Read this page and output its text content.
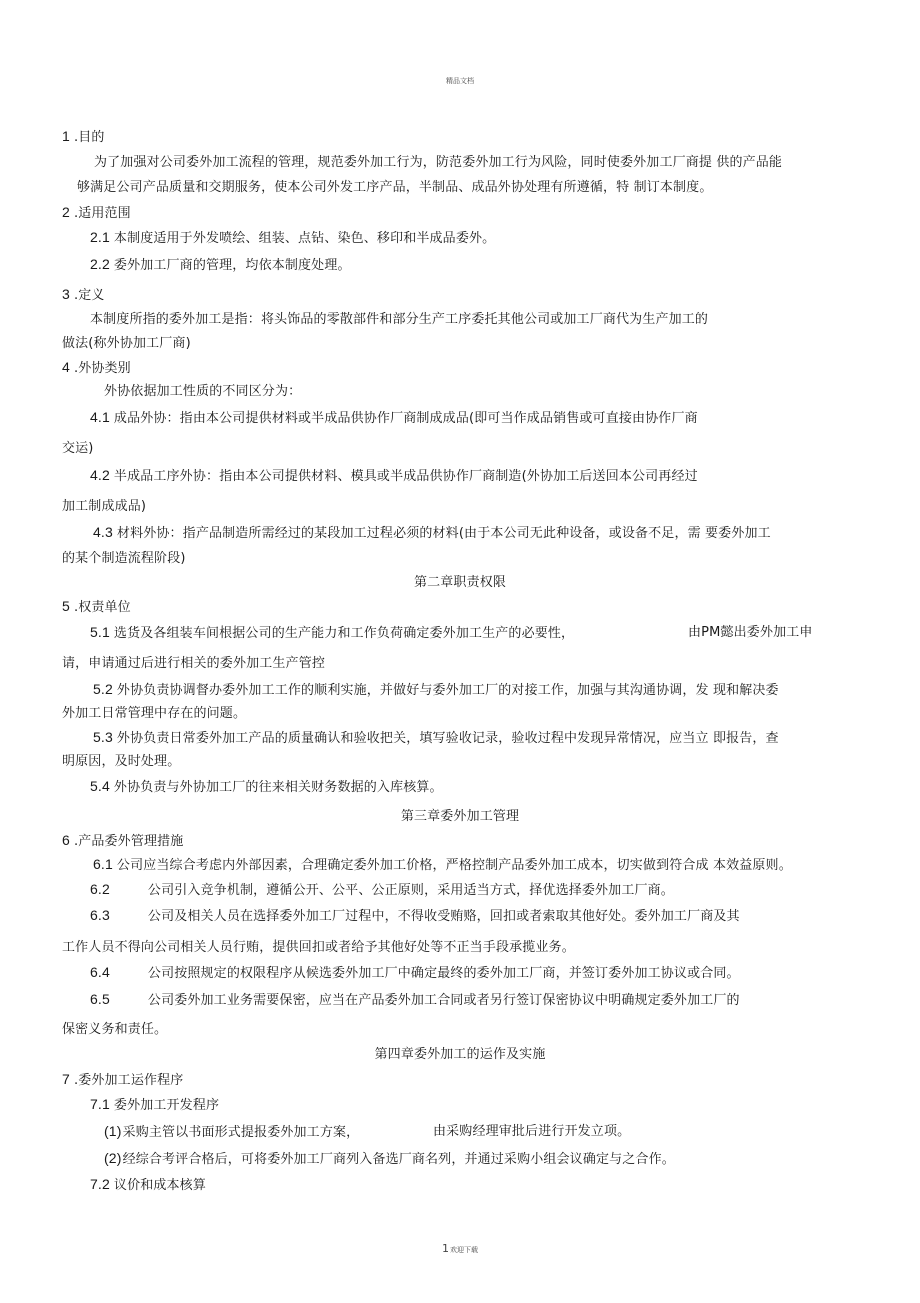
精品文档
1 .目的
为了加强对公司委外加工流程的管理，规范委外加工行为，防范委外加工行为风险，同时使委外加工厂商提 供的产品能
够满足公司产品质量和交期服务，使本公司外发工序产品，半制品、成品外协处理有所遵循，特 制订本制度。
2 .适用范围
2.1 本制度适用于外发喷绘、组装、点钻、染色、移印和半成品委外。
2.2 委外加工厂商的管理，均依本制度处理。
3 .定义
本制度所指的委外加工是指：将头饰品的零散部件和部分生产工序委托其他公司或加工厂商代为生产加工的
做法(称外协加工厂商)
4 .外协类别
外协依据加工性质的不同区分为：
4.1 成品外协：指由本公司提供材料或半成品供协作厂商制成成品(即可当作成品销售或可直接由协作厂商
交运)
4.2 半成品工序外协：指由本公司提供材料、模具或半成品供协作厂商制造(外协加工后送回本公司再经过
加工制成成品)
4.3 材料外协：指产品制造所需经过的某段加工过程必须的材料(由于本公司无此种设备，或设备不足，需 要委外加工
的某个制造流程阶段)
第二章职责权限
5 .权责单位
5.1 选货及各组装车间根据公司的生产能力和工作负荷确定委外加工生产的必要性，	由PM懿出委外加工申
请，申请通过后进行相关的委外加工生产管控
5.2 外协负责协调督办委外加工工作的顺利实施，并做好与委外加工厂的对接工作，加强与其沟通协调，发 现和解决委
外加工日常管理中存在的问题。
5.3 外协负责日常委外加工产品的质量确认和验收把关，填写验收记录，验收过程中发现异常情况，应当立 即报告，查
明原因，及时处理。
5.4 外协负责与外协加工厂的往来相关财务数据的入库核算。
第三章委外加工管理
6 .产品委外管理措施
6.1 公司应当综合考虑内外部因素，合理确定委外加工价格，严格控制产品委外加工成本，切实做到符合成 本效益原则。
6.2	公司引入竞争机制，遵循公开、公平、公正原则，采用适当方式，择优选择委外加工厂商。
6.3	公司及相关人员在选择委外加工厂过程中，不得收受贿赂，回扣或者索取其他好处。委外加工厂商及其
工作人员不得向公司相关人员行贿，提供回扣或者给予其他好处等不正当手段承揽业务。
6.4	公司按照规定的权限程序从候选委外加工厂中确定最终的委外加工厂商，并签订委外加工协议或合同。
6.5	公司委外加工业务需要保密，应当在产品委外加工合同或者另行签订保密协议中明确规定委外加工厂的
保密义务和责任。
第四章委外加工的运作及实施
7 .委外加工运作程序
7.1 委外加工开发程序
(1)采购主管以书面形式提报委外加工方案，	由采购经理审批后进行开发立项。
(2)经综合考评合格后，可将委外加工厂商列入备选厂商名列，并通过采购小组会议确定与之合作。
7.2 议价和成本核算
1欢迎下载
